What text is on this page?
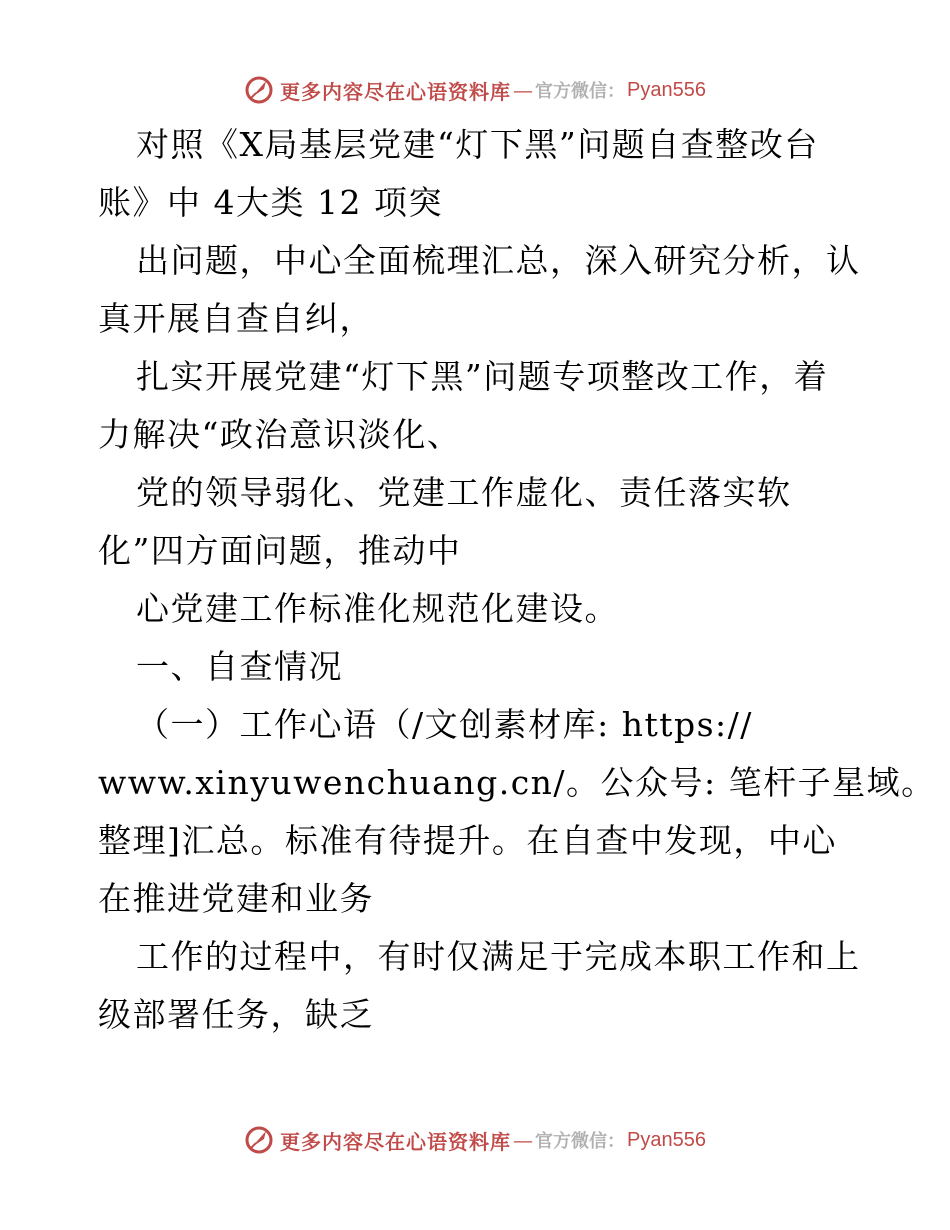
更多内容尽在心语资料库 — 官方微信： Pyan556
对照《X局基层党建“灯下黑”问题自查整改台
账》中 4大类 12 项突
出问题，中心全面梳理汇总，深入研究分析，认
真开展自查自纠，
扎实开展党建“灯下黑”问题专项整改工作，着
力解决“政治意识淡化、
党的领导弱化、党建工作虚化、责任落实软
化”四方面问题，推动中
心党建工作标准化规范化建设。
一、自查情况
（一）工作心语（/文创素材库: https://
www.xinyuwenchuang.cn/。公众号: 笔杆子星域。
整理]汇总。标准有待提升。在自查中发现，中心
在推进党建和业务
工作的过程中，有时仅满足于完成本职工作和上
级部署任务，缺乏
更多内容尽在心语资料库 — 官方微信： Pyan556
